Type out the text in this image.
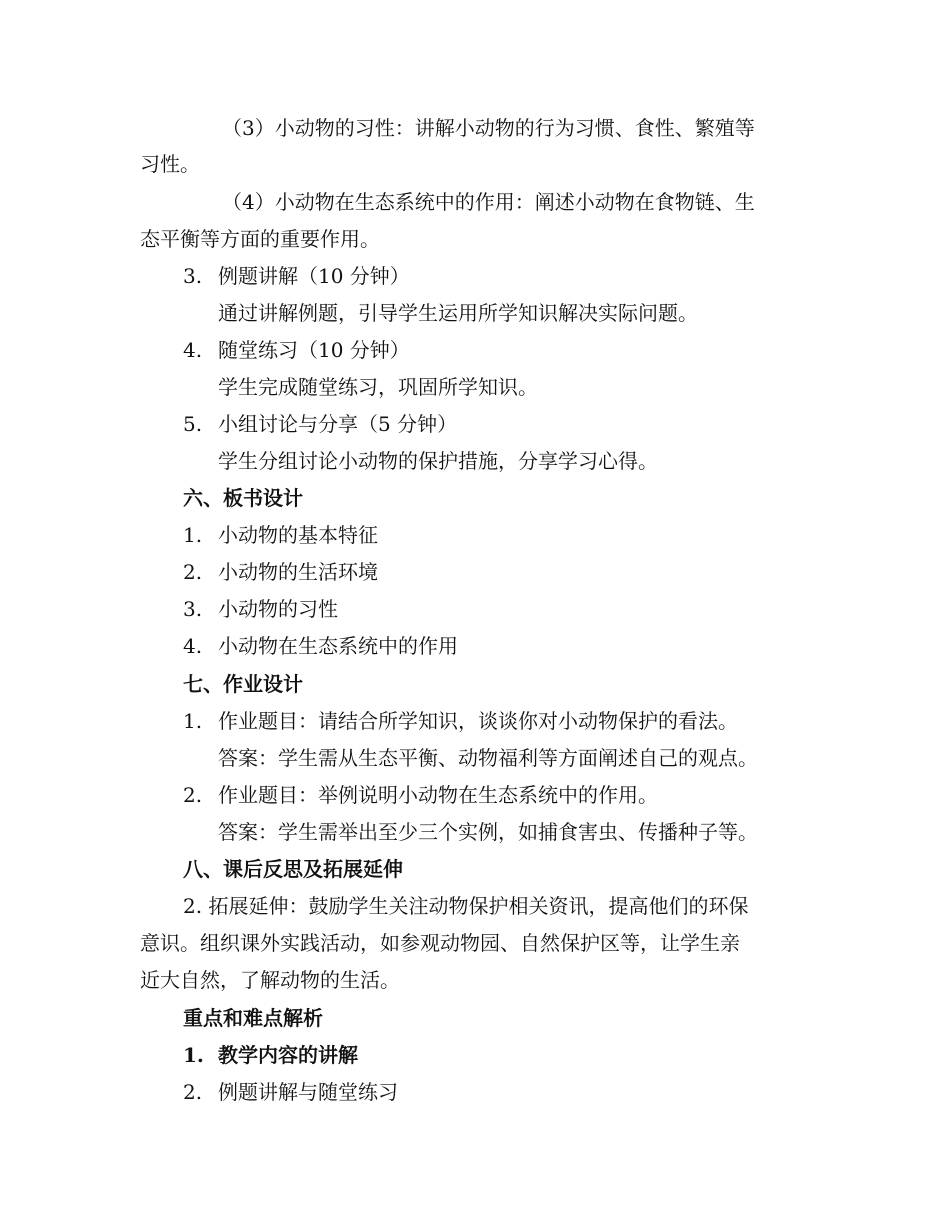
（3）小动物的习性：讲解小动物的行为习惯、食性、繁殖等
习性。
（4）小动物在生态系统中的作用：阐述小动物在食物链、生
态平衡等方面的重要作用。
3. 例题讲解（10 分钟）
通过讲解例题，引导学生运用所学知识解决实际问题。
4. 随堂练习（10 分钟）
学生完成随堂练习，巩固所学知识。
5. 小组讨论与分享（5 分钟）
学生分组讨论小动物的保护措施，分享学习心得。
六、板书设计
1. 小动物的基本特征
2. 小动物的生活环境
3. 小动物的习性
4. 小动物在生态系统中的作用
七、作业设计
1. 作业题目：请结合所学知识，谈谈你对小动物保护的看法。
答案：学生需从生态平衡、动物福利等方面阐述自己的观点。
2. 作业题目：举例说明小动物在生态系统中的作用。
答案：学生需举出至少三个实例，如捕食害虫、传播种子等。
八、课后反思及拓展延伸
2. 拓展延伸：鼓励学生关注动物保护相关资讯，提高他们的环保
意识。组织课外实践活动，如参观动物园、自然保护区等，让学生亲
近大自然，了解动物的生活。
重点和难点解析
1. 教学内容的讲解
2. 例题讲解与随堂练习
